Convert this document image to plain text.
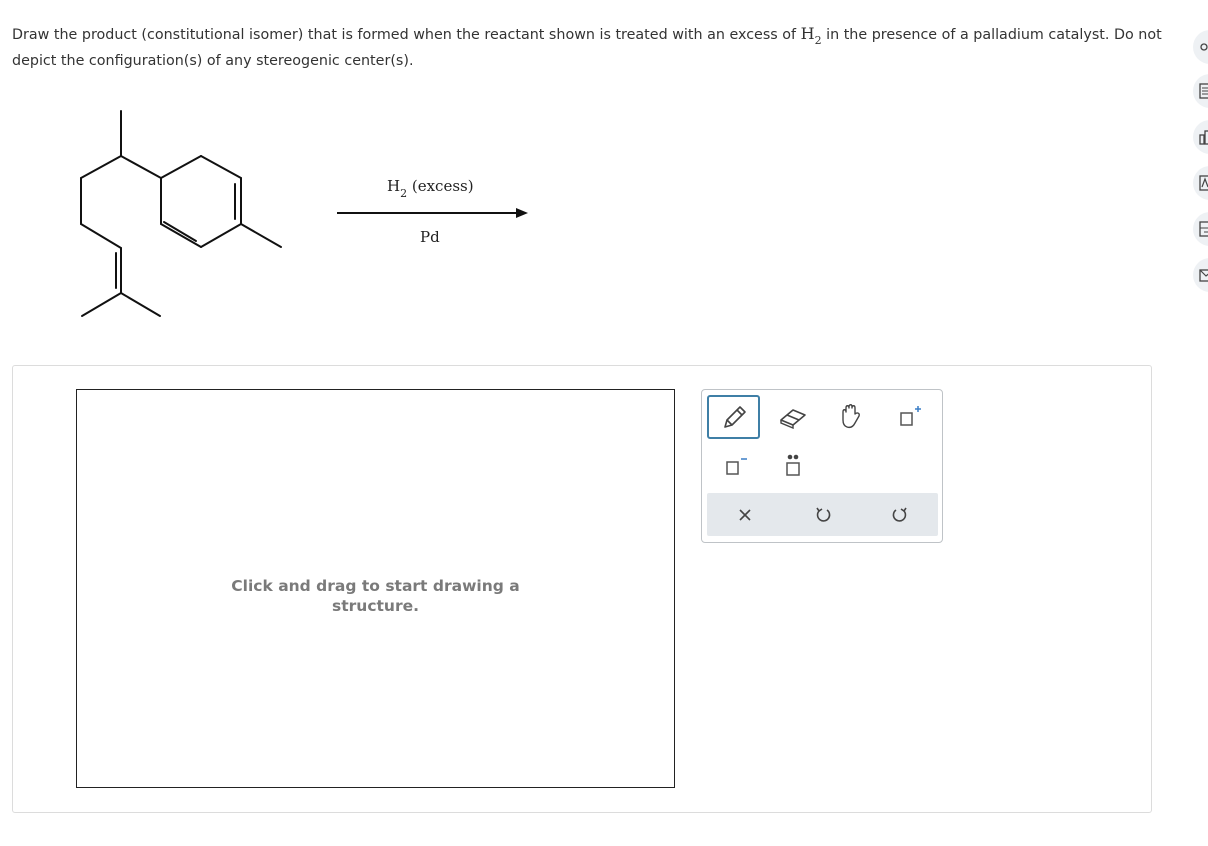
Draw the product (constitutional isomer) that is formed when the reactant shown is treated with an excess of $H_2$ in the presence of a palladium catalyst. Do not depict the configuration(s) of any stereogenic center(s).
$H_2$ (excess)
Pd
Click and drag to start drawing a structure.
